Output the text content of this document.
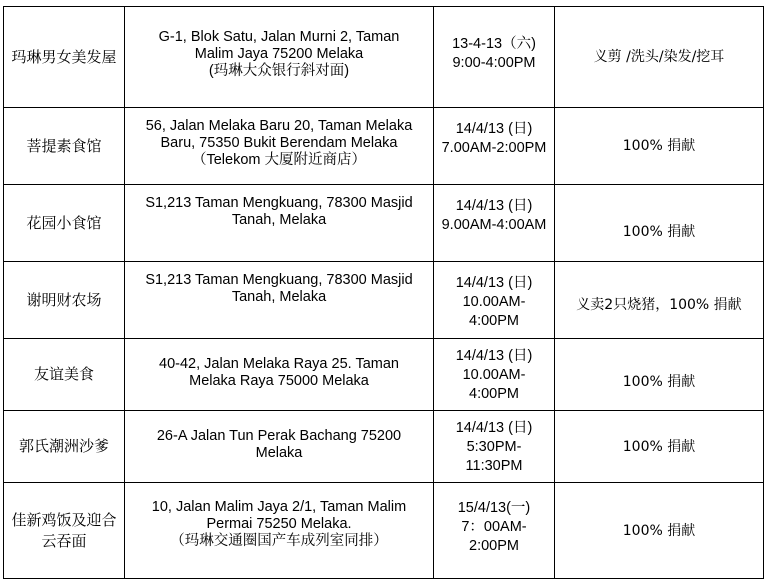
玛琳男女美发屋	G-1, Blok Satu, Jalan Murni 2, Taman
Malim Jaya 75200 Melaka
(玛琳大众银行斜对面)	13-4-13（六)
9:00-4:00PM	义剪 /洗头/染发/挖耳

菩提素食馆	56, Jalan Melaka Baru 20, Taman Melaka
Baru, 75350 Bukit Berendam Melaka
（Telekom 大厦附近商店）	14/4/13 (日)
7.00AM-2:00PM	100% 捐献

花园小食馆	S1,213 Taman Mengkuang, 78300 Masjid
Tanah, Melaka	14/4/13 (日)
9.00AM-4:00AM	100% 捐献

谢明财农场	S1,213 Taman Mengkuang, 78300 Masjid
Tanah, Melaka	14/4/13 (日)
10.00AM-
4:00PM	义卖2只烧猪，100% 捐献

友谊美食	40-42, Jalan Melaka Raya 25. Taman
Melaka Raya 75000 Melaka	14/4/13 (日)
10.00AM-
4:00PM	100% 捐献

郭氏潮洲沙爹	26-A Jalan Tun Perak Bachang 75200
Melaka	14/4/13 (日)
5:30PM-
11:30PM	100% 捐献

佳新鸡饭及迎合
云吞面	10, Jalan Malim Jaya 2/1, Taman Malim
Permai 75250 Melaka.
（玛琳交通圈国产车成列室同排）	15/4/13(一)
7：00AM-
2:00PM	100% 捐献
